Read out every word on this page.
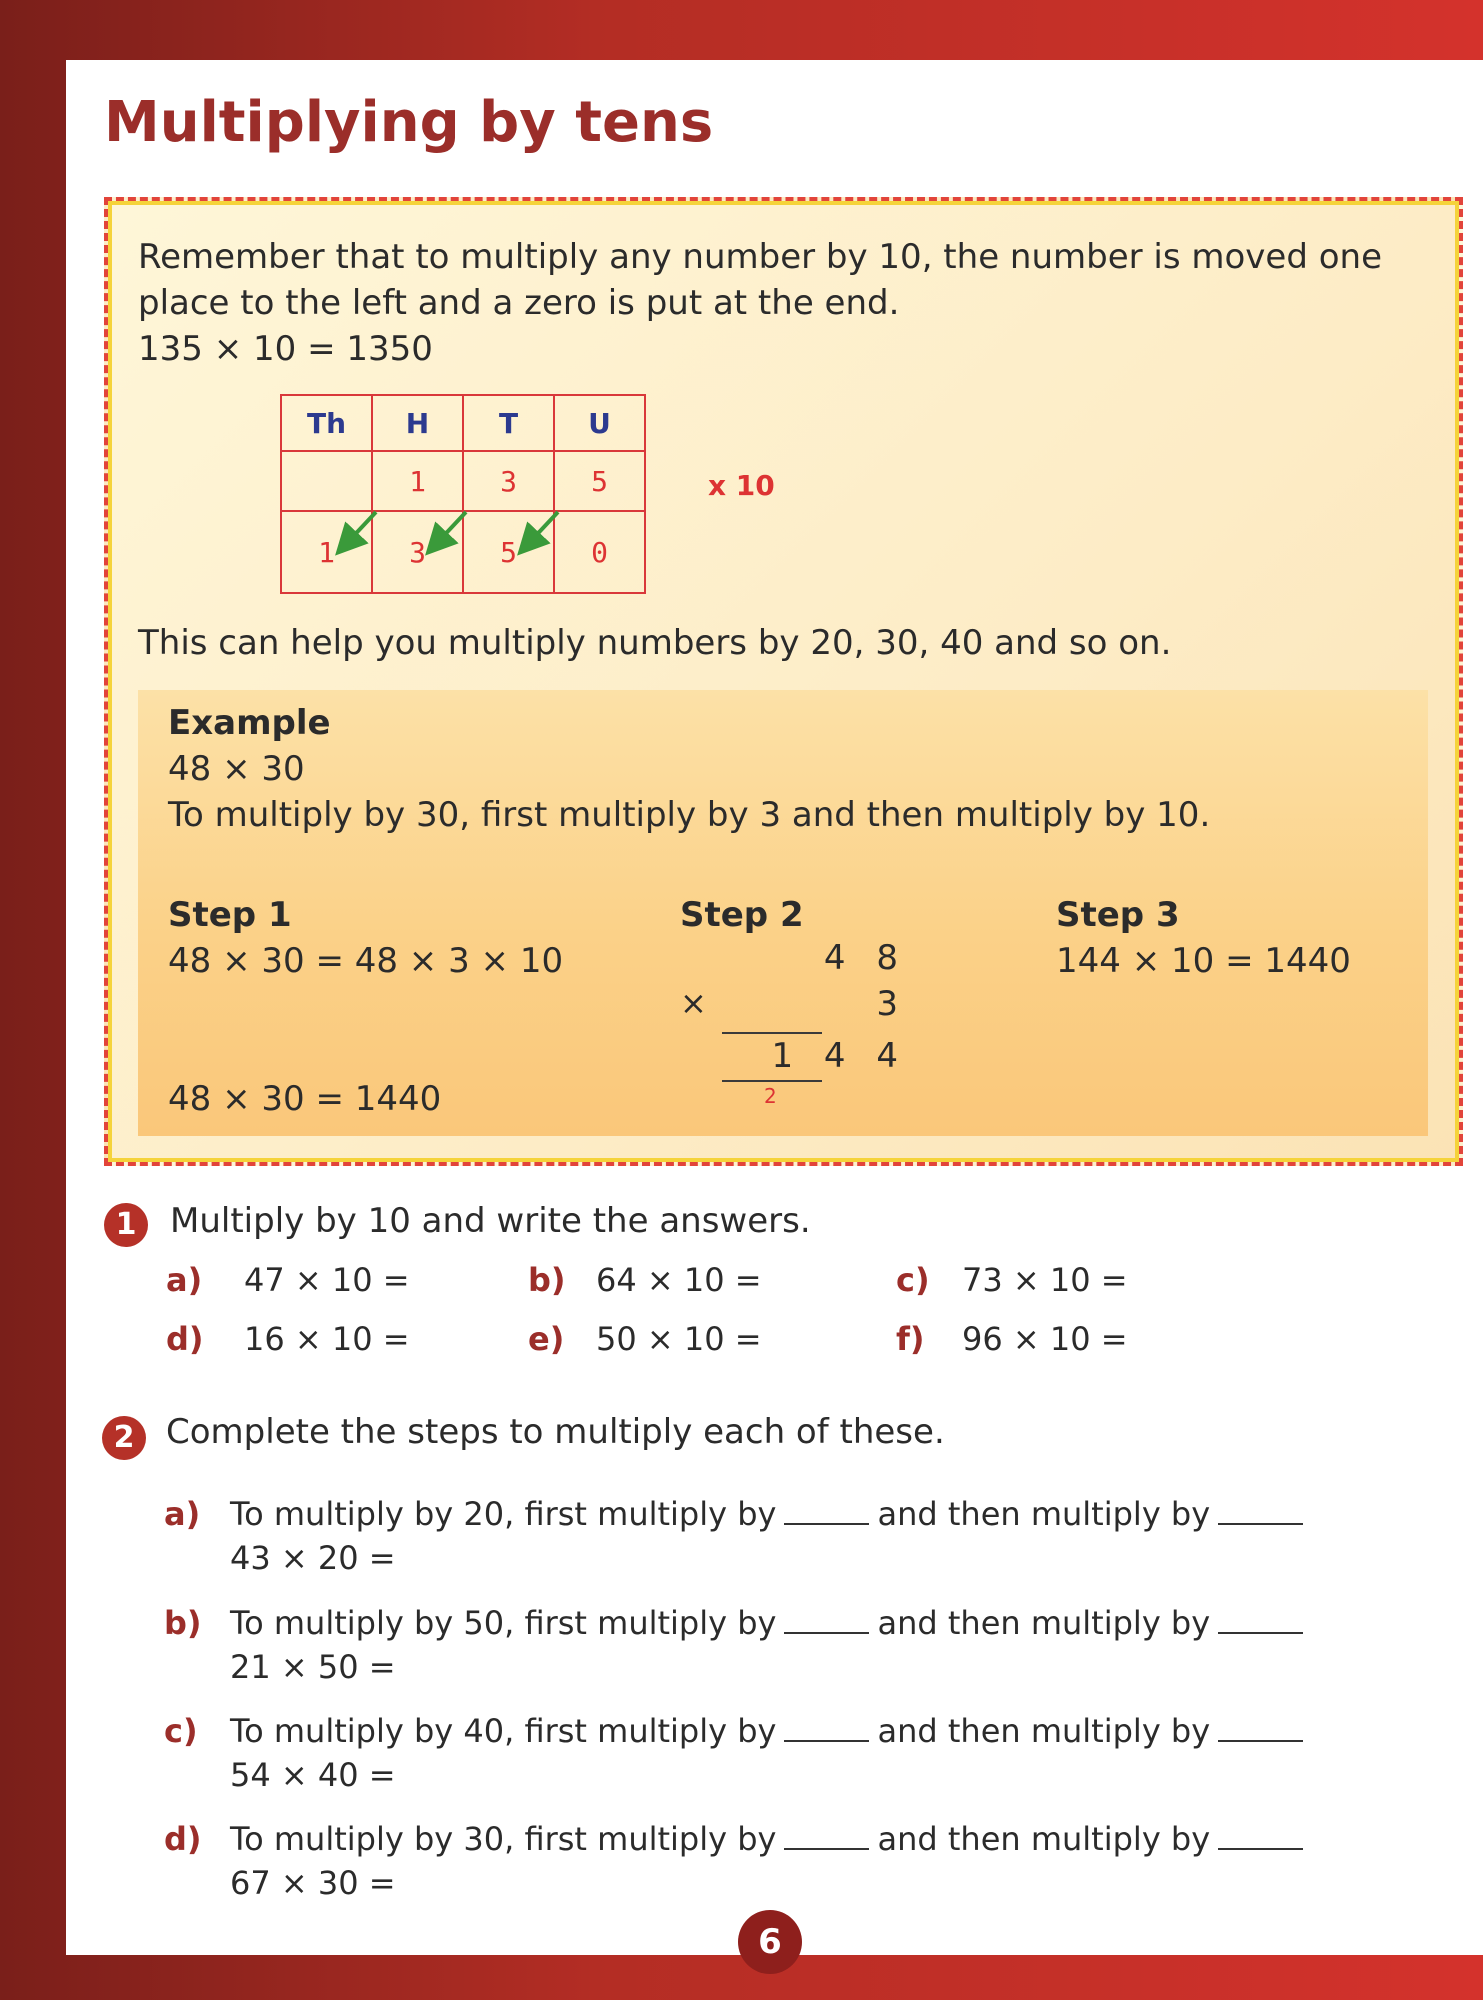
Multiplying by tens

Remember that to multiply any number by 10, the number is moved one place to the left and a zero is put at the end.

135 × 10 = 1350

Th	H	T	U
	1	3	5
1	3	5	0
x 10

This can help you multiply numbers by 20, 30, 40 and so on.

Example

48 × 30

To multiply by 30, first multiply by 3 and then multiply by 10.

Step 1

48 × 30 = 48 × 3 × 10

48 × 30 = 1440

Step 2

4 8
×	3
1 4 4
2

Step 3

144 × 10 = 1440

1 Multiply by 10 and write the answers.
a) 47 × 10 =	b) 64 × 10 =	c) 73 × 10 =
d) 16 × 10 =	e) 50 × 10 =	f) 96 × 10 =
2 Complete the steps to multiply each of these.
a) To multiply by 20, first multiply by	and then multiply by
43 × 20 =
b) To multiply by 50, first multiply by	and then multiply by
21 × 50 =
c) To multiply by 40, first multiply by	and then multiply by
54 × 40 =
d) To multiply by 30, first multiply by	and then multiply by
67 × 30 =
6
